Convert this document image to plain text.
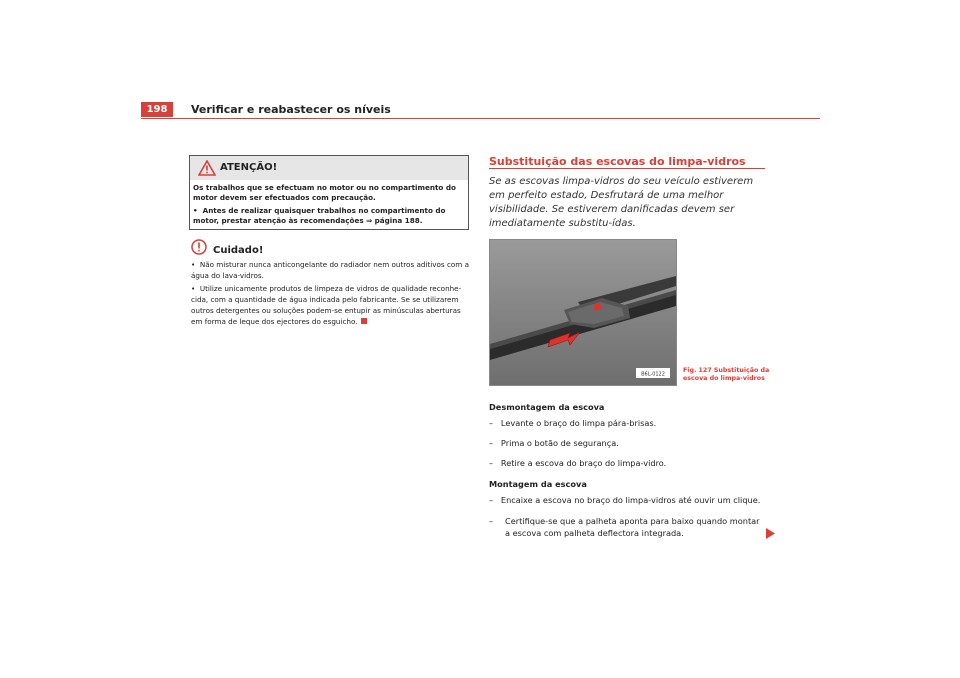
198	Verificar e reabastecer os níveis
ATENÇÃO!
Os trabalhos que se efectuam no motor ou no compartimento do motor devem ser efectuados com precaução.
• Antes de realizar quaisquer trabalhos no compartimento do motor, prestar atenção às recomendações ⇒ página 188.
Cuidado!
• Não misturar nunca anticongelante do radiador nem outros aditivos com a água do lava-vidros.
• Utilize unicamente produtos de limpeza de vidros de qualidade reconhe-cida, com a quantidade de água indicada pelo fabricante. Se se utilizarem outros detergentes ou soluções podem-se entupir as minúsculas aberturas em forma de leque dos ejectores do esguicho.
Substituição das escovas do limpa-vidros
Se as escovas limpa-vidros do seu veículo estiverem em perfeito estado, Desfrutará de uma melhor visibilidade. Se estiverem danificadas devem ser imediatamente substitu-ídas.
B6L-0122
Fig. 127 Substituição da escova do limpa-vidros
Desmontagem da escova
– Levante o braço do limpa pára-brisas.
– Prima o botão de segurança.
– Retire a escova do braço do limpa-vidro.
Montagem da escova
– Encaixe a escova no braço do limpa-vidros até ouvir um clique.
–	Certifique-se que a palheta aponta para baixo quando montar a escova com palheta deflectora integrada.
